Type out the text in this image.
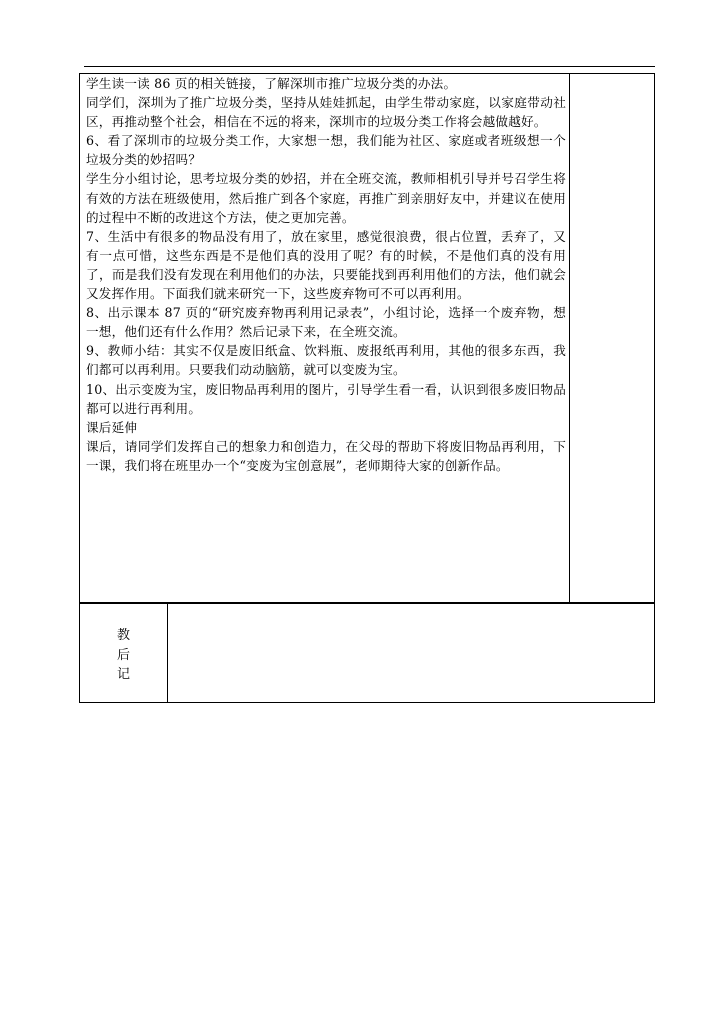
学生读一读 86 页的相关链接，了解深圳市推广垃圾分类的办法。

同学们，深圳为了推广垃圾分类，坚持从娃娃抓起，由学生带动家庭，以家庭带动社区，再推动整个社会，相信在不远的将来，深圳市的垃圾分类工作将会越做越好。

6、看了深圳市的垃圾分类工作，大家想一想，我们能为社区、家庭或者班级想一个垃圾分类的妙招吗？

学生分小组讨论，思考垃圾分类的妙招，并在全班交流，教师相机引导并号召学生将有效的方法在班级使用，然后推广到各个家庭，再推广到亲朋好友中，并建议在使用的过程中不断的改进这个方法，使之更加完善。

7、生活中有很多的物品没有用了，放在家里，感觉很浪费，很占位置，丢弃了，又有一点可惜，这些东西是不是他们真的没用了呢？有的时候，不是他们真的没有用了，而是我们没有发现在利用他们的办法，只要能找到再利用他们的方法，他们就会又发挥作用。下面我们就来研究一下，这些废弃物可不可以再利用。

8、出示课本 87 页的“研究废弃物再利用记录表”，小组讨论，选择一个废弃物，想一想，他们还有什么作用？然后记录下来，在全班交流。

9、教师小结：其实不仅是废旧纸盒、饮料瓶、废报纸再利用，其他的很多东西，我们都可以再利用。只要我们动动脑筋，就可以变废为宝。

10、出示变废为宝，废旧物品再利用的图片，引导学生看一看，认识到很多废旧物品都可以进行再利用。

课后延伸

课后，请同学们发挥自己的想象力和创造力，在父母的帮助下将废旧物品再利用，下一课，我们将在班里办一个“变废为宝创意展”，老师期待大家的创新作品。

教
后
记
